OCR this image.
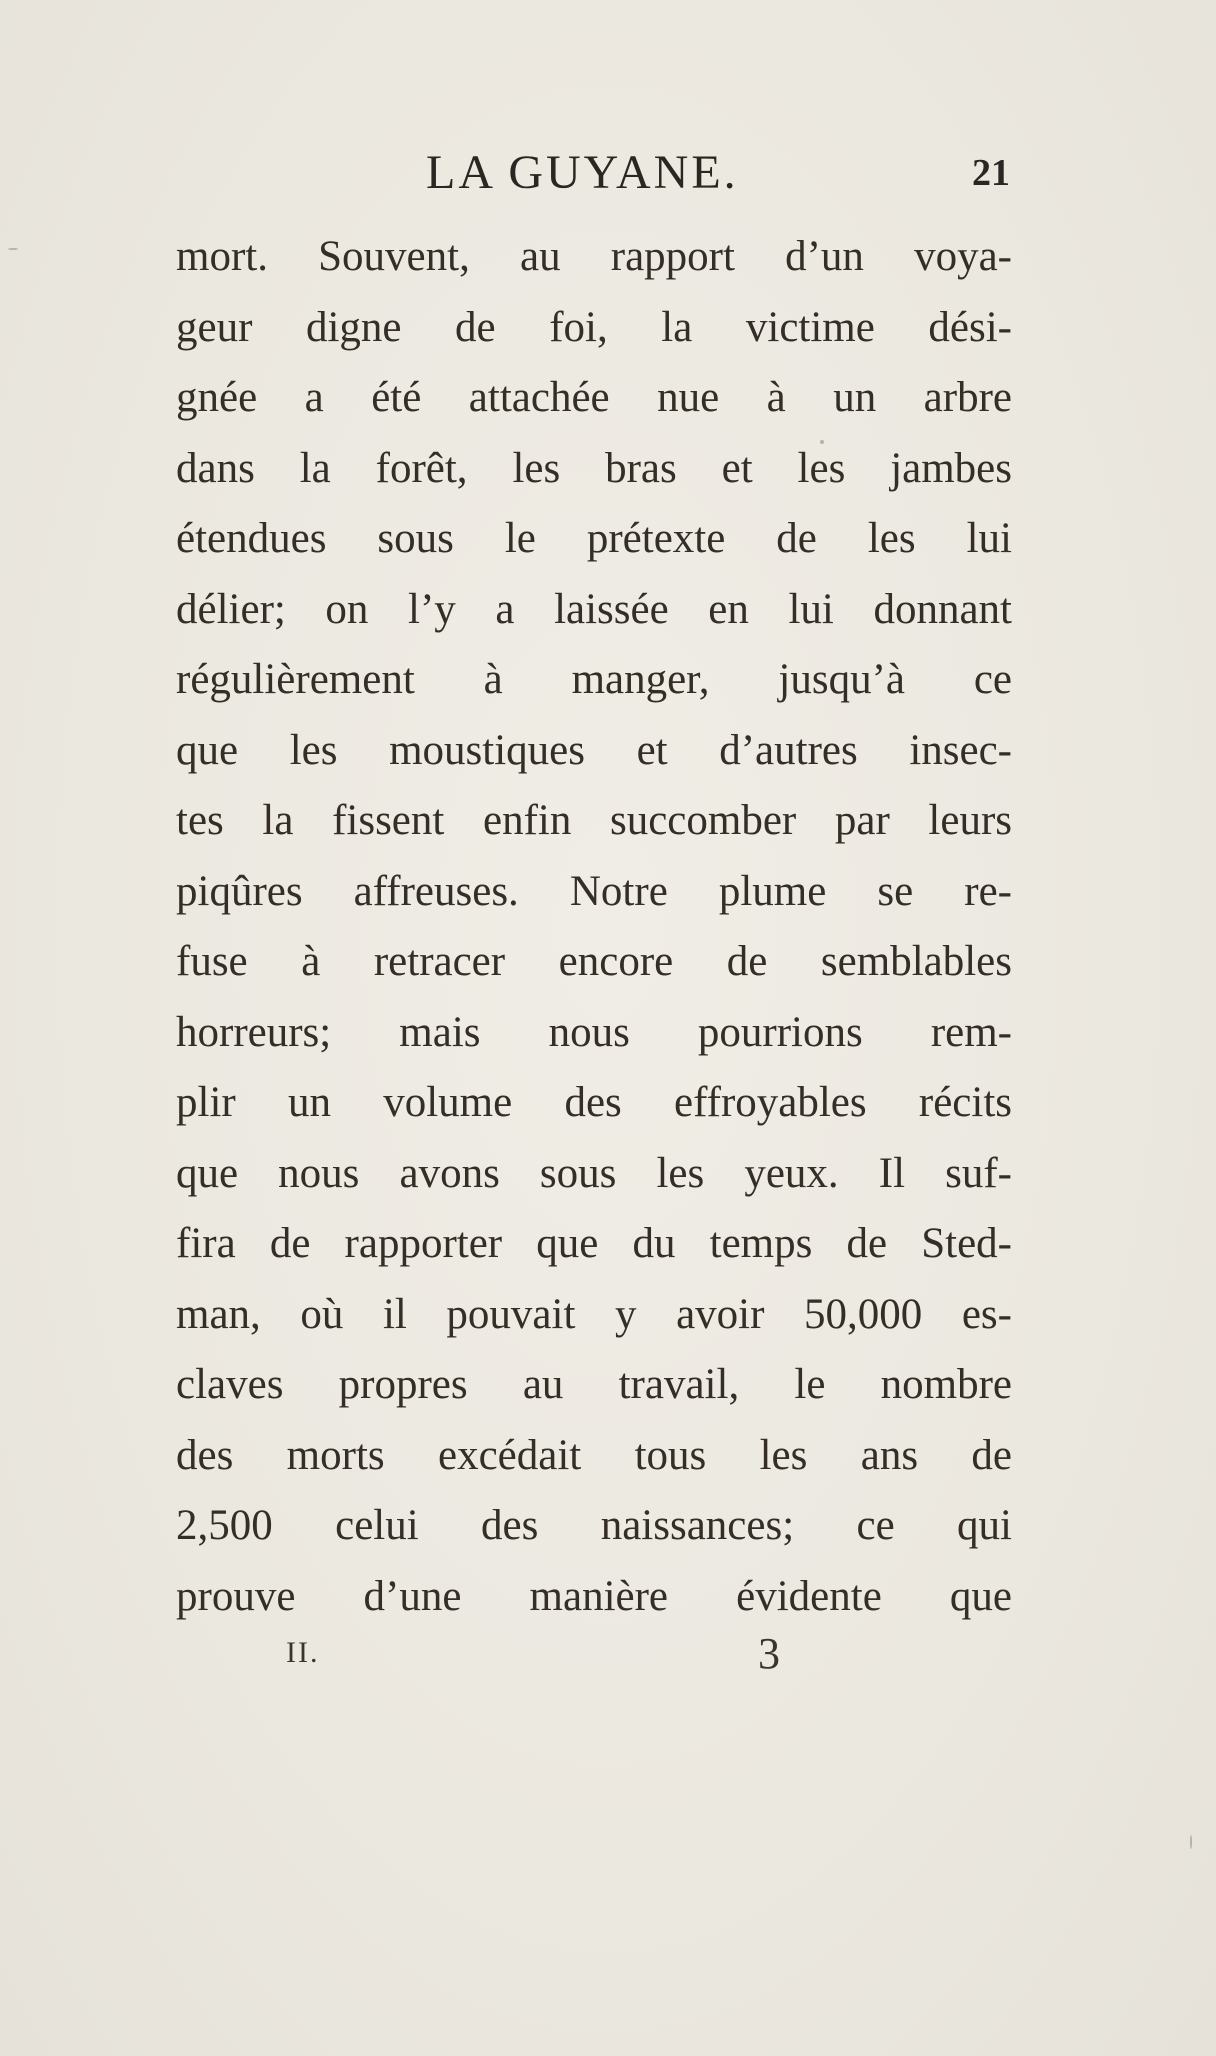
LA GUYANE.	21
mort. Souvent, au rapport d’un voya-
geur digne de foi, la victime dési-
gnée a été attachée nue à un arbre
dans la forêt, les bras et les jambes
étendues sous le prétexte de les lui
délier; on l’y a laissée en lui donnant
régulièrement à manger, jusqu’à ce
que les moustiques et d’autres insec-
tes la fissent enfin succomber par leurs
piqûres affreuses. Notre plume se re-
fuse à retracer encore de semblables
horreurs; mais nous pourrions rem-
plir un volume des effroyables récits
que nous avons sous les yeux. Il suf-
fira de rapporter que du temps de Sted-
man, où il pouvait y avoir 50,000 es-
claves propres au travail, le nombre
des morts excédait tous les ans de
2,500 celui des naissances; ce qui
prouve d’une manière évidente que
II.	3
